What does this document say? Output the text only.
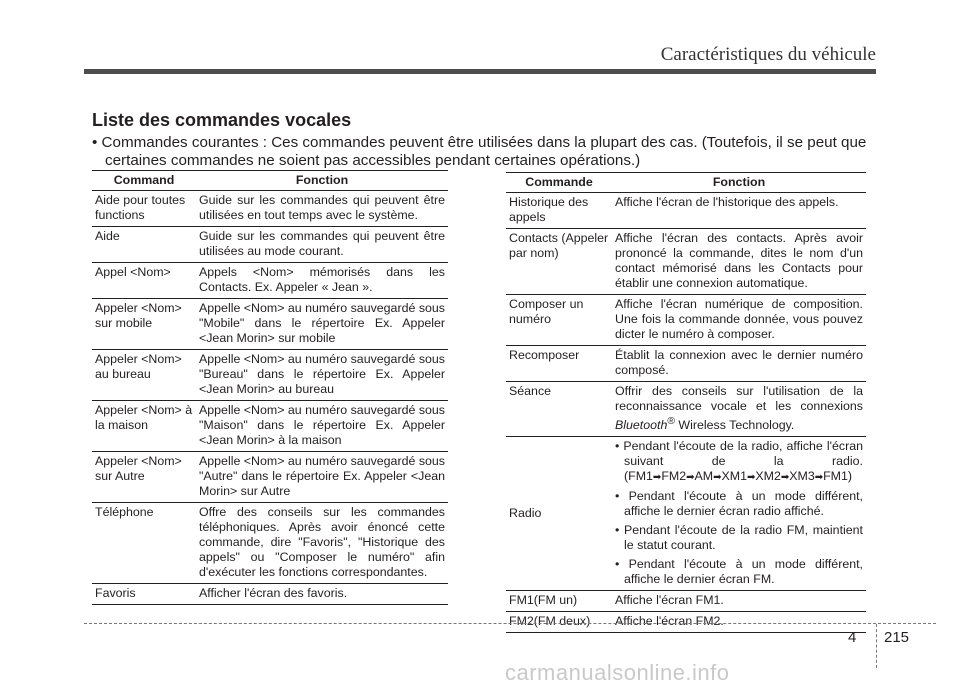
Caractéristiques du véhicule
Liste des commandes vocales

• Commandes courantes : Ces commandes peuvent être utilisées dans la plupart des cas. (Toutefois, il se peut que
certaines commandes ne soient pas accessibles pendant certaines opérations.)

Command	Fonction
Aide pour toutes functions	Guide sur les commandes qui peuvent être utilisées en tout temps avec le système.
Aide	Guide sur les commandes qui peuvent être utilisées au mode courant.
Appel <Nom>	Appels <Nom> mémorisés dans les Contacts. Ex. Appeler « Jean ».
Appeler <Nom> sur mobile	Appelle <Nom> au numéro sauvegardé sous "Mobile" dans le répertoire Ex. Appeler <Jean Morin> sur mobile
Appeler <Nom> au bureau	Appelle <Nom> au numéro sauvegardé sous "Bureau" dans le répertoire Ex. Appeler <Jean Morin> au bureau
Appeler <Nom> à la maison	Appelle <Nom> au numéro sauvegardé sous "Maison" dans le répertoire Ex. Appeler <Jean Morin> à la maison
Appeler <Nom> sur Autre	Appelle <Nom> au numéro sauvegardé sous "Autre" dans le répertoire Ex. Appeler <Jean Morin> sur Autre
Téléphone	Offre des conseils sur les commandes téléphoniques. Après avoir énoncé cette commande, dire "Favoris", "Historique des appels" ou "Composer le numéro" afin d'exécuter les fonctions correspondantes.
Favoris	Afficher l'écran des favoris.
Commande	Fonction
Historique des appels	Affiche l'écran de l'historique des appels.
Contacts (Appeler par nom)	Affiche l'écran des contacts. Après avoir prononcé la commande, dites le nom d'un contact mémorisé dans les Contacts pour établir une connexion automatique.
Composer un numéro	Affiche l'écran numérique de composition. Une fois la commande donnée, vous pouvez dicter le numéro à composer.
Recomposer	Établit la connexion avec le dernier numéro composé.
Séance	Offrir des conseils sur l'utilisation de la reconnaissance vocale et les connexions Bluetooth® Wireless Technology.
Radio	• Pendant l'écoute de la radio, affiche l'écran suivant de la radio. (FM1➡FM2➡AM➡XM1➡XM2➡XM3➡FM1)
• Pendant l'écoute à un mode différent, affiche le dernier écran radio affiché.
• Pendant l'écoute de la radio FM, maintient le statut courant.
• Pendant l'écoute à un mode différent, affiche le dernier écran FM.

FM1(FM un)	Affiche l'écran FM1.
FM2(FM deux)	Affiche l'écran FM2.
4 215
carmanualsonline.info
